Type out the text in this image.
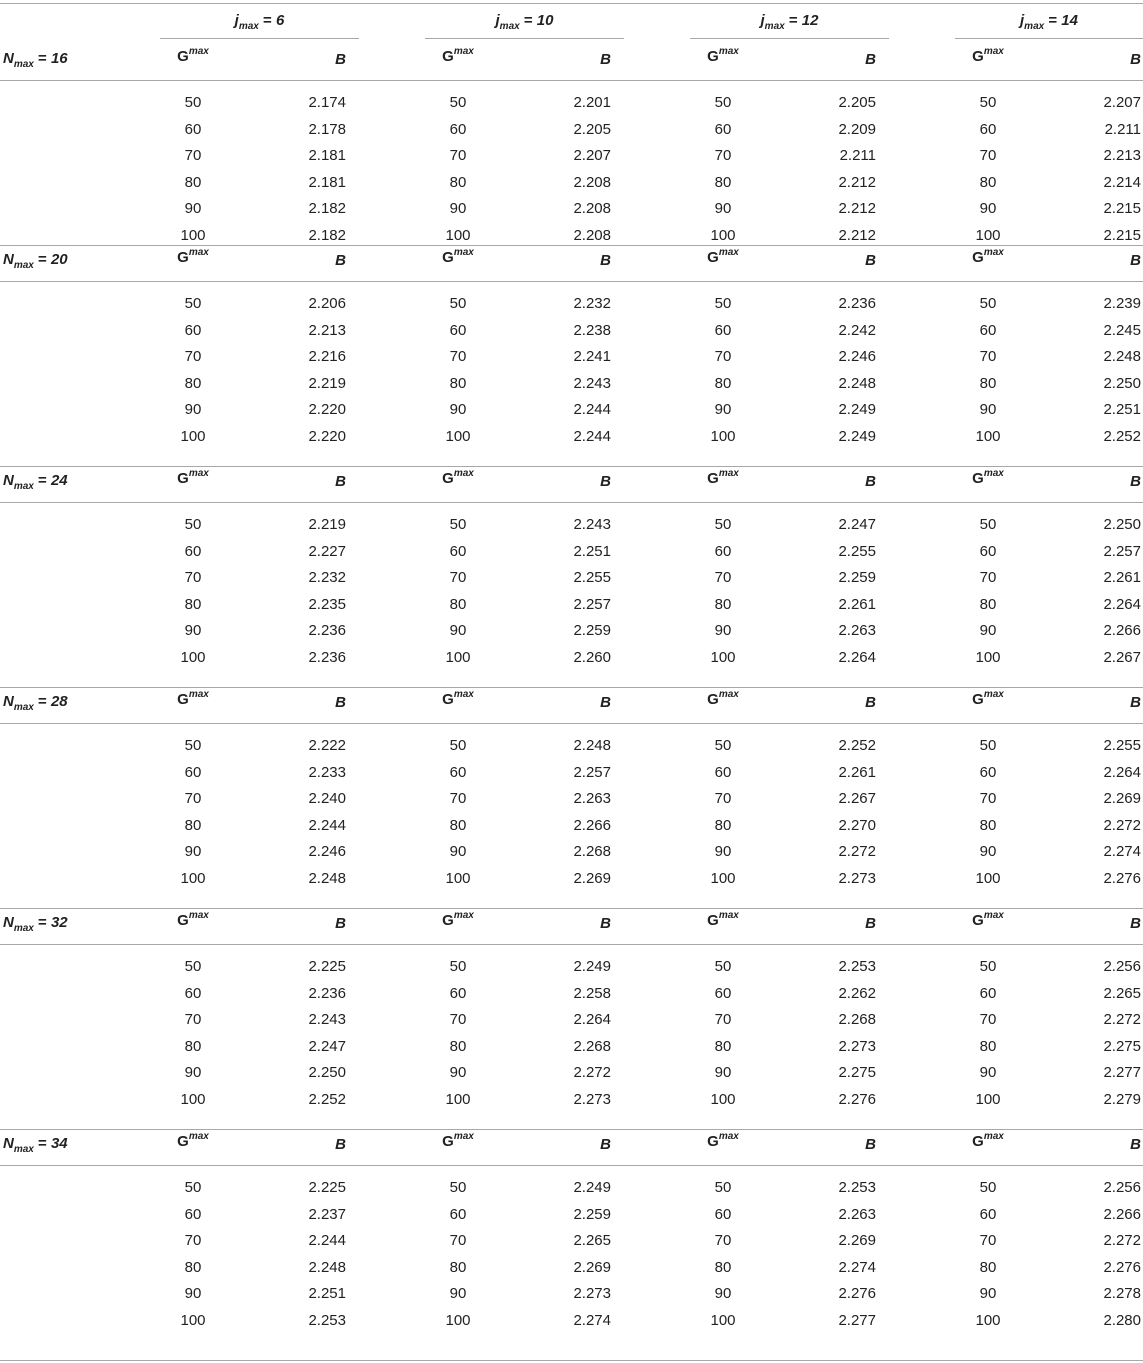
$j_{max} = 6$	$j_{max} = 10$	$j_{max} = 12$	$j_{max} = 14$
$N_{max} = 16$	$G^{max}$	B	$G^{max}$	B	$G^{max}$	B	$G^{max}$	B
50	2.174	50	2.201	50	2.205	50	2.207
60	2.178	60	2.205	60	2.209	60	2.211
70	2.181	70	2.207	70	2.211	70	2.213
80	2.181	80	2.208	80	2.212	80	2.214
90	2.182	90	2.208	90	2.212	90	2.215
100	2.182	100	2.208	100	2.212	100	2.215
$N_{max} = 20$	$G^{max}$	B	$G^{max}$	B	$G^{max}$	B	$G^{max}$	B
50	2.206	50	2.232	50	2.236	50	2.239
60	2.213	60	2.238	60	2.242	60	2.245
70	2.216	70	2.241	70	2.246	70	2.248
80	2.219	80	2.243	80	2.248	80	2.250
90	2.220	90	2.244	90	2.249	90	2.251
100	2.220	100	2.244	100	2.249	100	2.252
$N_{max} = 24$	$G^{max}$	B	$G^{max}$	B	$G^{max}$	B	$G^{max}$	B
50	2.219	50	2.243	50	2.247	50	2.250
60	2.227	60	2.251	60	2.255	60	2.257
70	2.232	70	2.255	70	2.259	70	2.261
80	2.235	80	2.257	80	2.261	80	2.264
90	2.236	90	2.259	90	2.263	90	2.266
100	2.236	100	2.260	100	2.264	100	2.267
$N_{max} = 28$	$G^{max}$	B	$G^{max}$	B	$G^{max}$	B	$G^{max}$	B
50	2.222	50	2.248	50	2.252	50	2.255
60	2.233	60	2.257	60	2.261	60	2.264
70	2.240	70	2.263	70	2.267	70	2.269
80	2.244	80	2.266	80	2.270	80	2.272
90	2.246	90	2.268	90	2.272	90	2.274
100	2.248	100	2.269	100	2.273	100	2.276
$N_{max} = 32$	$G^{max}$	B	$G^{max}$	B	$G^{max}$	B	$G^{max}$	B
50	2.225	50	2.249	50	2.253	50	2.256
60	2.236	60	2.258	60	2.262	60	2.265
70	2.243	70	2.264	70	2.268	70	2.272
80	2.247	80	2.268	80	2.273	80	2.275
90	2.250	90	2.272	90	2.275	90	2.277
100	2.252	100	2.273	100	2.276	100	2.279
$N_{max} = 34$	$G^{max}$	B	$G^{max}$	B	$G^{max}$	B	$G^{max}$	B
50	2.225	50	2.249	50	2.253	50	2.256
60	2.237	60	2.259	60	2.263	60	2.266
70	2.244	70	2.265	70	2.269	70	2.272
80	2.248	80	2.269	80	2.274	80	2.276
90	2.251	90	2.273	90	2.276	90	2.278
100	2.253	100	2.274	100	2.277	100	2.280
